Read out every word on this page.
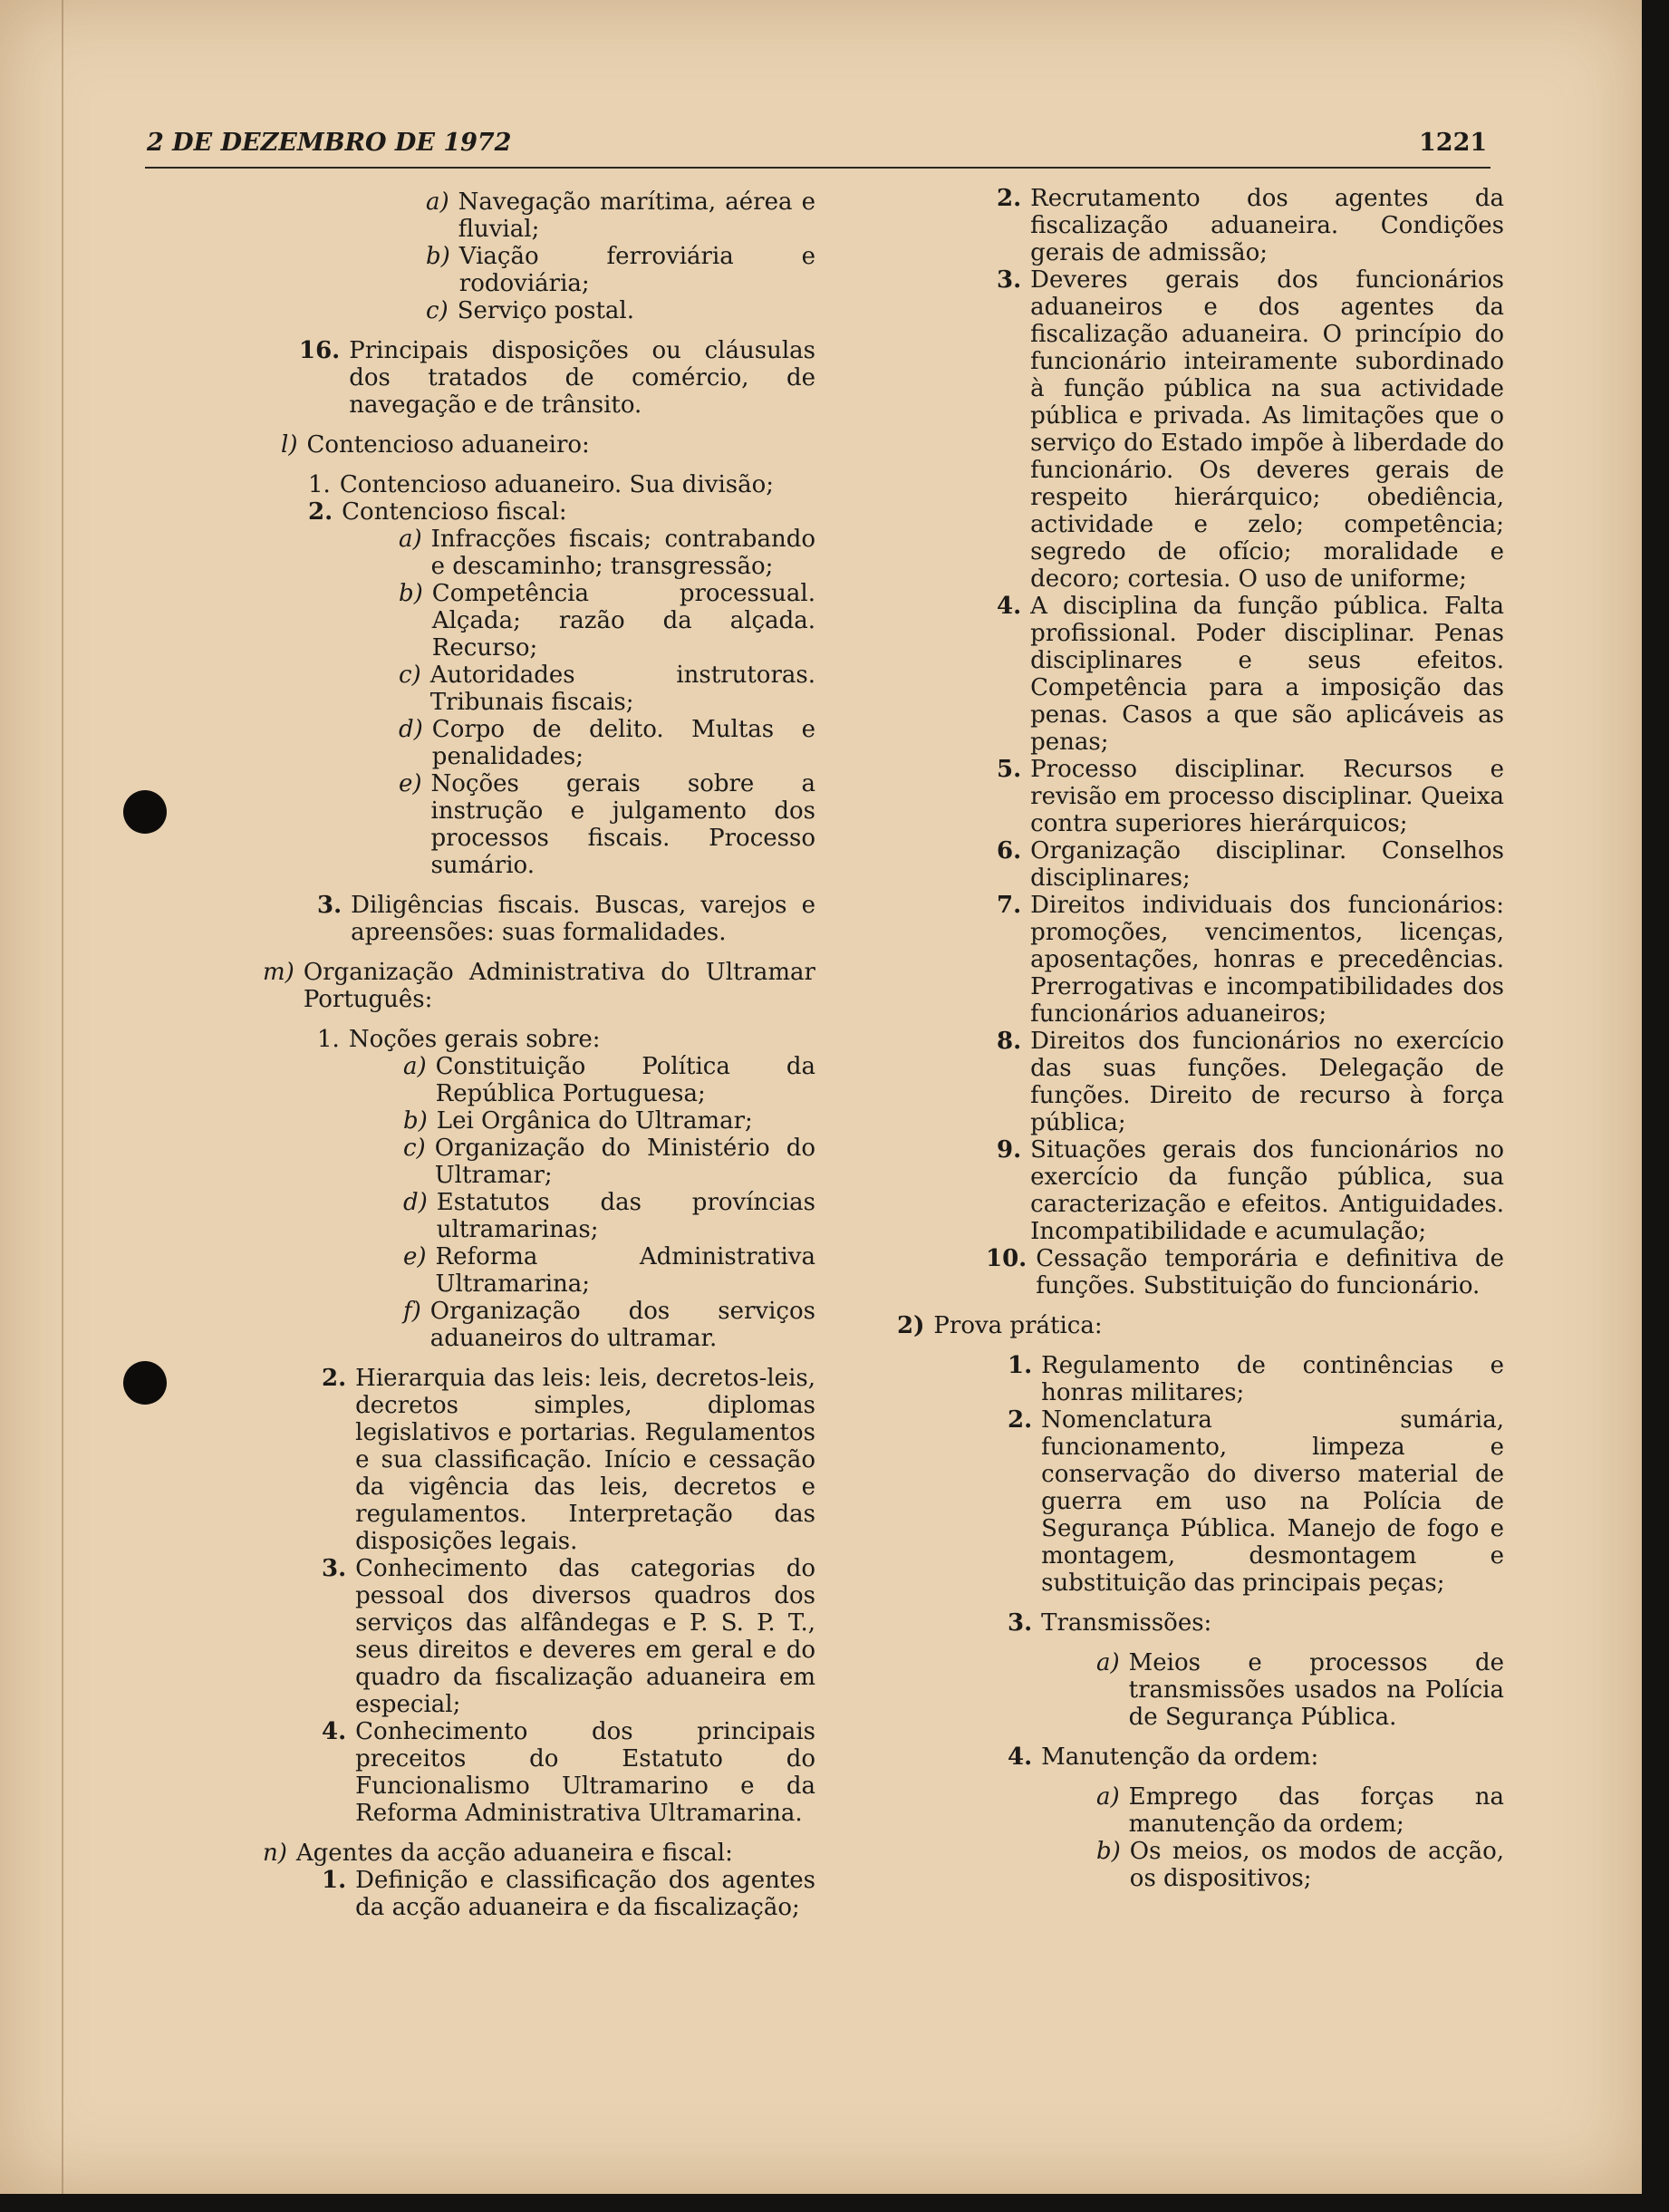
2 DE DEZEMBRO DE 1972	1221
a) Navegação marítima, aérea e fluvial;
b) Viação ferroviária e rodoviária;
c) Serviço postal.
16. Principais disposições ou cláusulas dos tratados de comércio, de navegação e de trânsito.
l) Contencioso aduaneiro:
1. Contencioso aduaneiro. Sua divisão;
2. Contencioso fiscal:
a) Infracções fiscais; contrabando e descaminho; transgressão;
b) Competência processual. Alçada; razão da alçada. Recurso;
c) Autoridades instrutoras. Tribunais fiscais;
d) Corpo de delito. Multas e penalidades;
e) Noções gerais sobre a instrução e julgamento dos processos fiscais. Processo sumário.
3. Diligências fiscais. Buscas, varejos e apreensões: suas formalidades.
m) Organização Administrativa do Ultramar Português:
1. Noções gerais sobre:
a) Constituição Política da República Portuguesa;
b) Lei Orgânica do Ultramar;
c) Organização do Ministério do Ultramar;
d) Estatutos das províncias ultramarinas;
e) Reforma Administrativa Ultramarina;
f) Organização dos serviços aduaneiros do ultramar.
2. Hierarquia das leis: leis, decretos-leis, decretos simples, diplomas legislativos e portarias. Regulamentos e sua classificação. Início e cessação da vigência das leis, decretos e regulamentos. Interpretação das disposições legais.
3. Conhecimento das categorias do pessoal dos diversos quadros dos serviços das alfândegas e P. S. P. T., seus direitos e deveres em geral e do quadro da fiscalização aduaneira em especial;
4. Conhecimento dos principais preceitos do Estatuto do Funcionalismo Ultramarino e da Reforma Administrativa Ultramarina.
n) Agentes da acção aduaneira e fiscal:
1. Definição e classificação dos agentes da acção aduaneira e da fiscalização;
2. Recrutamento dos agentes da fiscalização aduaneira. Condições gerais de admissão;
3. Deveres gerais dos funcionários aduaneiros e dos agentes da fiscalização aduaneira. O princípio do funcionário inteiramente subordinado à função pública na sua actividade pública e privada. As limitações que o serviço do Estado impõe à liberdade do funcionário. Os deveres gerais de respeito hierárquico; obediência, actividade e zelo; competência; segredo de ofício; moralidade e decoro; cortesia. O uso de uniforme;
4. A disciplina da função pública. Falta profissional. Poder disciplinar. Penas disciplinares e seus efeitos. Competência para a imposição das penas. Casos a que são aplicáveis as penas;
5. Processo disciplinar. Recursos e revisão em processo disciplinar. Queixa contra superiores hierárquicos;
6. Organização disciplinar. Conselhos disciplinares;
7. Direitos individuais dos funcionários: promoções, vencimentos, licenças, aposentações, honras e precedências. Prerrogativas e incompatibilidades dos funcionários aduaneiros;
8. Direitos dos funcionários no exercício das suas funções. Delegação de funções. Direito de recurso à força pública;
9. Situações gerais dos funcionários no exercício da função pública, sua caracterização e efeitos. Antiguidades. Incompatibilidade e acumulação;
10. Cessação temporária e definitiva de funções. Substituição do funcionário.
2) Prova prática:
1. Regulamento de continências e honras militares;
2. Nomenclatura sumária, funcionamento, limpeza e conservação do diverso material de guerra em uso na Polícia de Segurança Pública. Manejo de fogo e montagem, desmontagem e substituição das principais peças;
3. Transmissões:
a) Meios e processos de transmissões usados na Polícia de Segurança Pública.
4. Manutenção da ordem:
a) Emprego das forças na manutenção da ordem;
b) Os meios, os modos de acção, os dispositivos;
